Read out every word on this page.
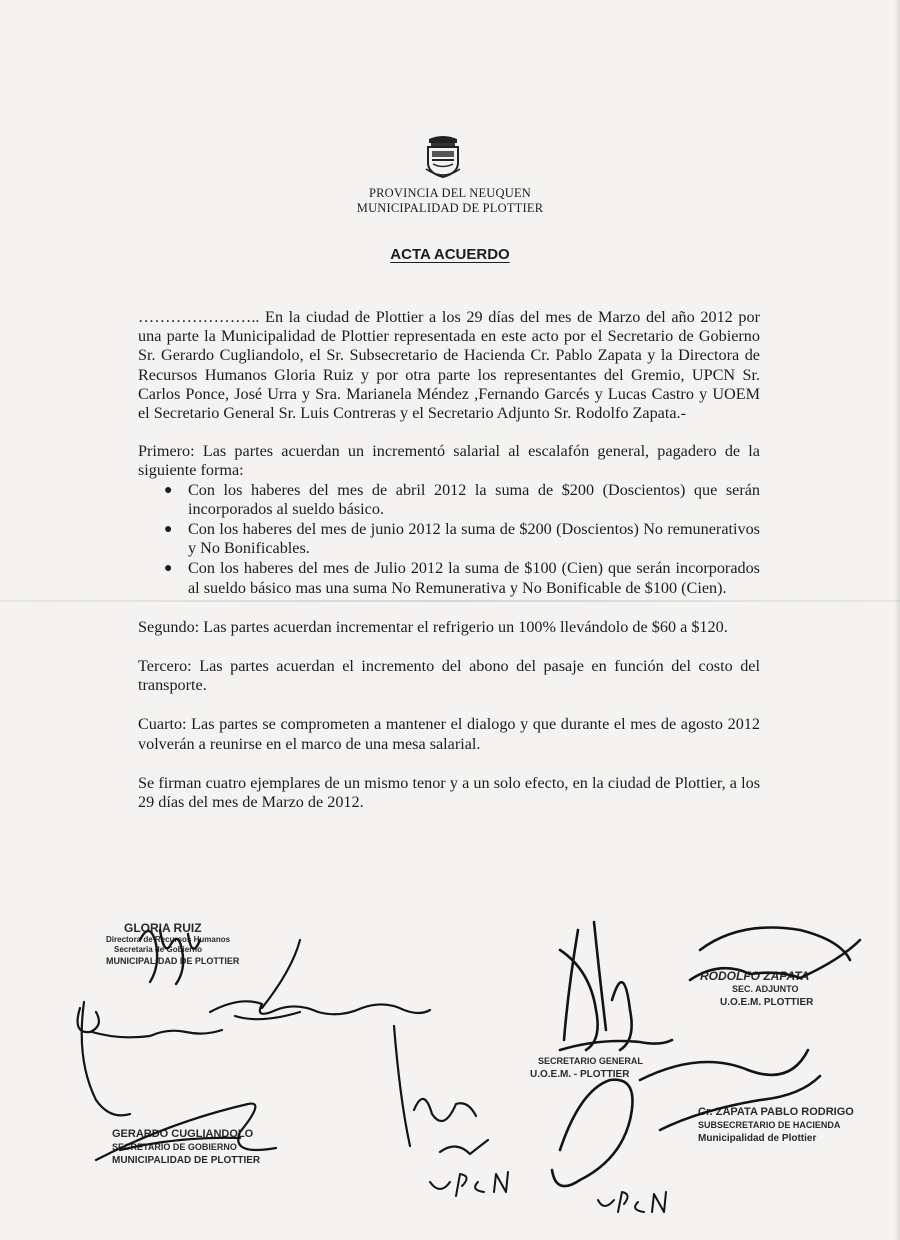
PROVINCIA DEL NEUQUEN
MUNICIPALIDAD DE PLOTTIER
ACTA ACUERDO

………………….. En la ciudad de Plottier a los 29 días del mes de Marzo del año 2012 por una parte la Municipalidad de Plottier representada en este acto por el Secretario de Gobierno Sr. Gerardo Cugliandolo, el Sr. Subsecretario de Hacienda Cr. Pablo Zapata y la Directora de Recursos Humanos Gloria Ruiz y por otra parte los representantes del Gremio, UPCN Sr. Carlos Ponce, José Urra y Sra. Marianela Méndez ,Fernando Garcés y Lucas Castro y UOEM el Secretario General Sr. Luis Contreras y el Secretario Adjunto Sr. Rodolfo Zapata.-

Primero: Las partes acuerdan un incrementó salarial al escalafón general, pagadero de la siguiente forma:

● Con los haberes del mes de abril 2012 la suma de $200 (Doscientos) que serán incorporados al sueldo básico.
● Con los haberes del mes de junio 2012 la suma de $200 (Doscientos) No remunerativos y No Bonificables.
● Con los haberes del mes de Julio 2012 la suma de $100 (Cien) que serán incorporados al sueldo básico mas una suma No Remunerativa y No Bonificable de $100 (Cien).

Segundo: Las partes acuerdan incrementar el refrigerio un 100% llevándolo de $60 a $120.

Tercero: Las partes acuerdan el incremento del abono del pasaje en función del costo del transporte.

Cuarto: Las partes se comprometen a mantener el dialogo y que durante el mes de agosto 2012 volverán a reunirse en el marco de una mesa salarial.

Se firman cuatro ejemplares de un mismo tenor y a un solo efecto, en la ciudad de Plottier, a los 29 días del mes de Marzo de 2012.

GLORIA RUIZ
Directora de Recursos Humanos
Secretaria de Gobierno
MUNICIPALIDAD DE PLOTTIER
GERARDO CUGLIANDOLO
SECRETARIO DE GOBIERNO
MUNICIPALIDAD DE PLOTTIER
SECRETARIO GENERAL
U.O.E.M. - PLOTTIER
RODOLFO ZAPATA
SEC. ADJUNTO
U.O.E.M. PLOTTIER
Cr. ZAPATA PABLO RODRIGO
SUBSECRETARIO DE HACIENDA
Municipalidad de Plottier
